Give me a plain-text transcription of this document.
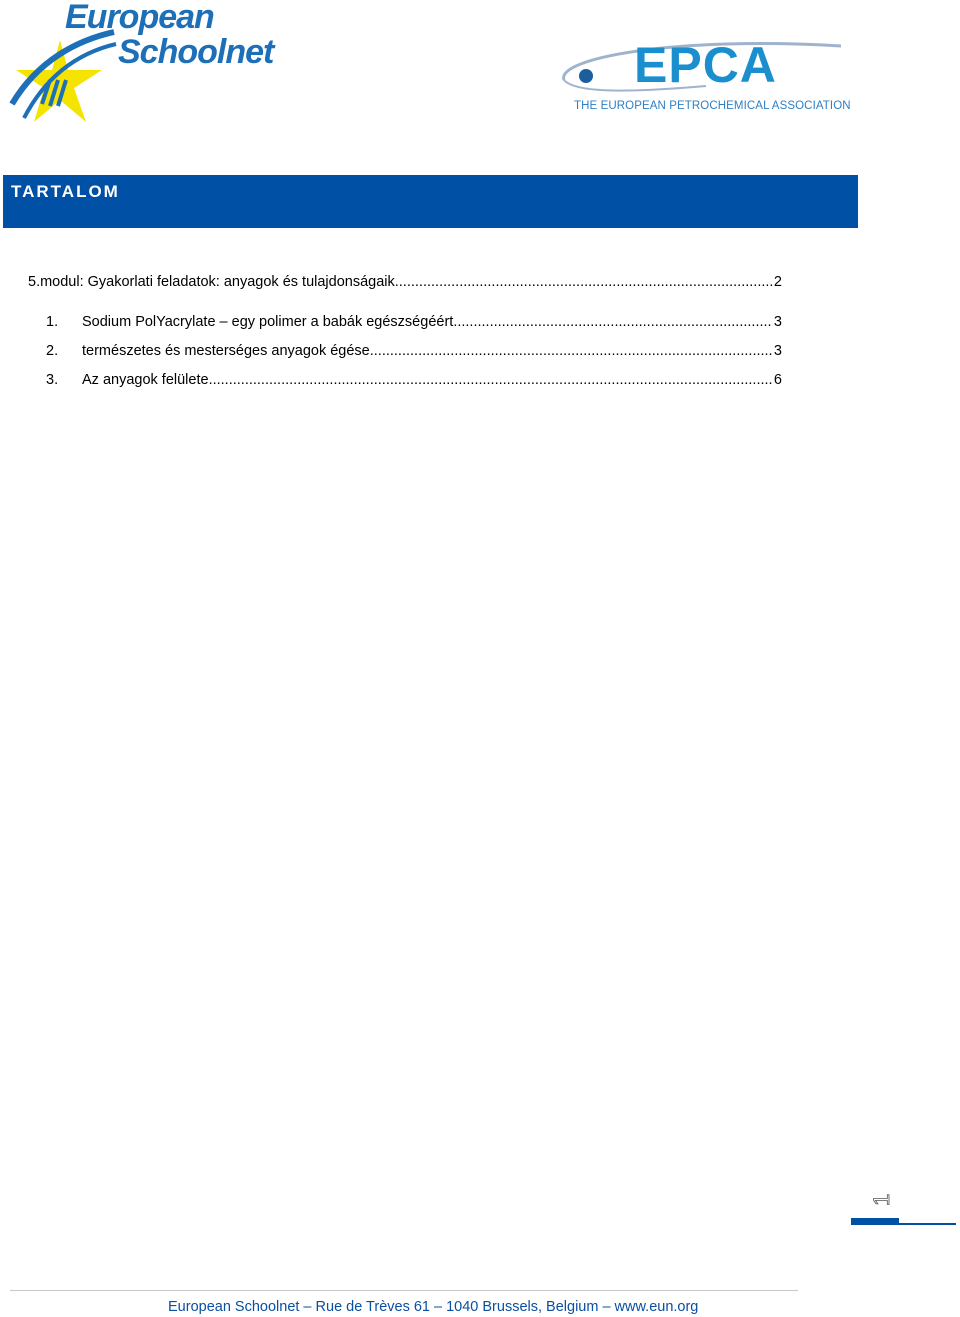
European
Schoolnet	EPCA
THE EUROPEAN PETROCHEMICAL ASSOCIATION
TARTALOM
5.modul: Gyakorlati feladatok: anyagok és tulajdonságaik .....	2
1.	Sodium PolYacrylate – egy polimer a babák egészségéért .....	3
2.	természetes és mesterséges anyagok égése .....	3
3.	Az anyagok felülete .....	6
1
European Schoolnet – Rue de Trèves 61 – 1040 Brussels, Belgium – www.eun.org
